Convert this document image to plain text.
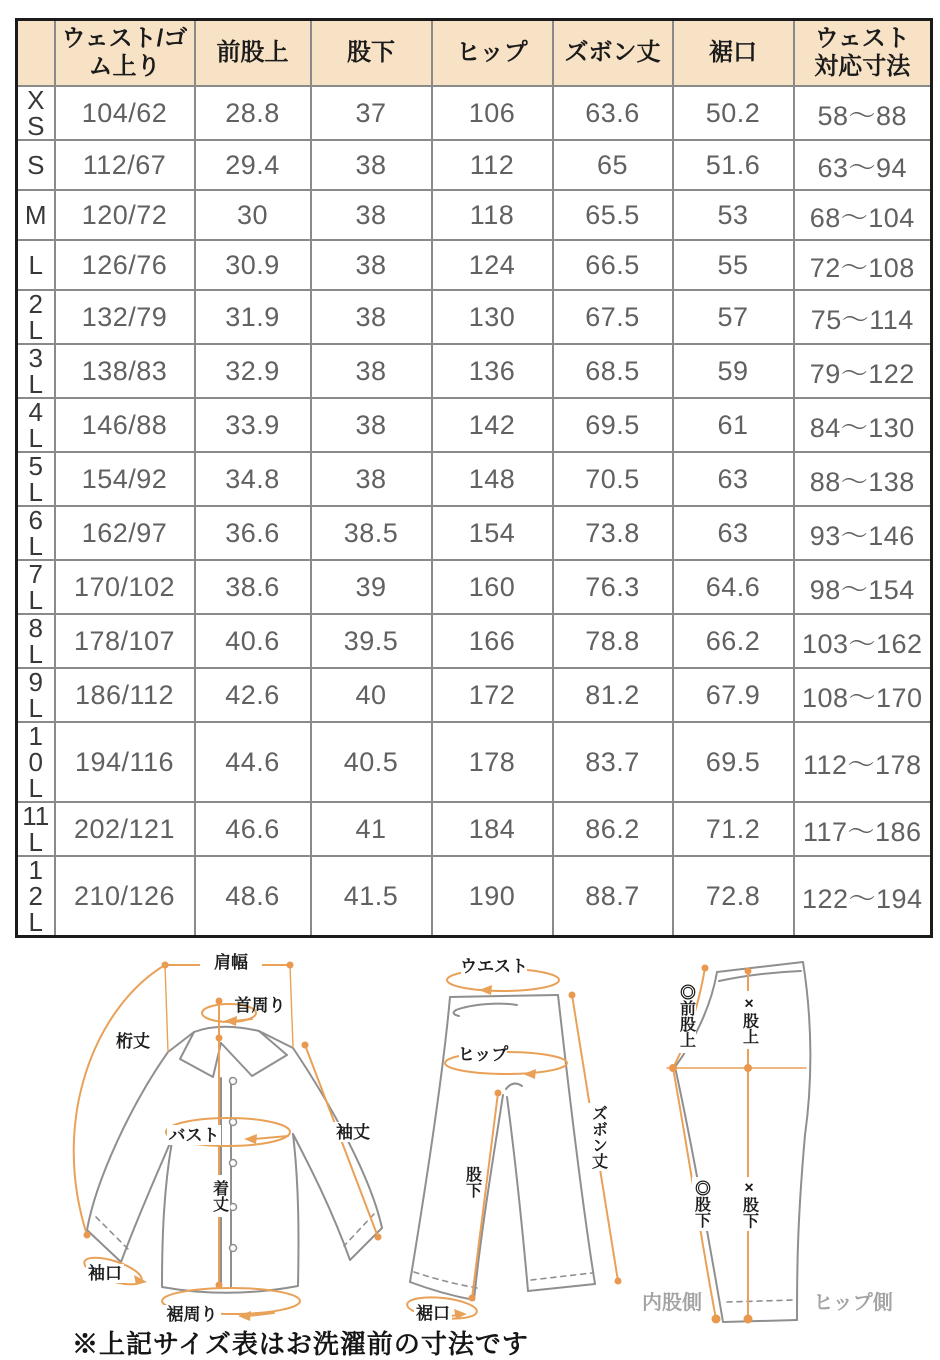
	ウェスト/ゴム上り	前股上	股下	ヒップ	ズボン丈	裾口	ウェスト対応寸法
XS	104/62	28.8	37	106	63.6	50.2	58〜88
S	112/67	29.4	38	112	65	51.6	63〜94
M	120/72	30	38	118	65.5	53	68〜104
L	126/76	30.9	38	124	66.5	55	72〜108
2L	132/79	31.9	38	130	67.5	57	75〜114
3L	138/83	32.9	38	136	68.5	59	79〜122
4L	146/88	33.9	38	142	69.5	61	84〜130
5L	154/92	34.8	38	148	70.5	63	88〜138
6L	162/97	36.6	38.5	154	73.8	63	93〜146
7L	170/102	38.6	39	160	76.3	64.6	98〜154
8L	178/107	40.6	39.5	166	78.8	66.2	103〜162
9L	186/112	42.6	40	172	81.2	67.9	108〜170
10L	194/116	44.6	40.5	178	83.7	69.5	112〜178
11L	202/121	46.6	41	184	86.2	71.2	117〜186
12L	210/126	48.6	41.5	190	88.7	72.8	122〜194
肩幅
首周り
桁丈
バスト	袖丈
着丈
袖口
裾周り
ウエスト
ヒップ
ズボン丈
股下
裾口
◎前股上	×股上
◎股下 ×股下
内股側	ヒップ側
※上記サイズ表はお洗濯前の寸法です
